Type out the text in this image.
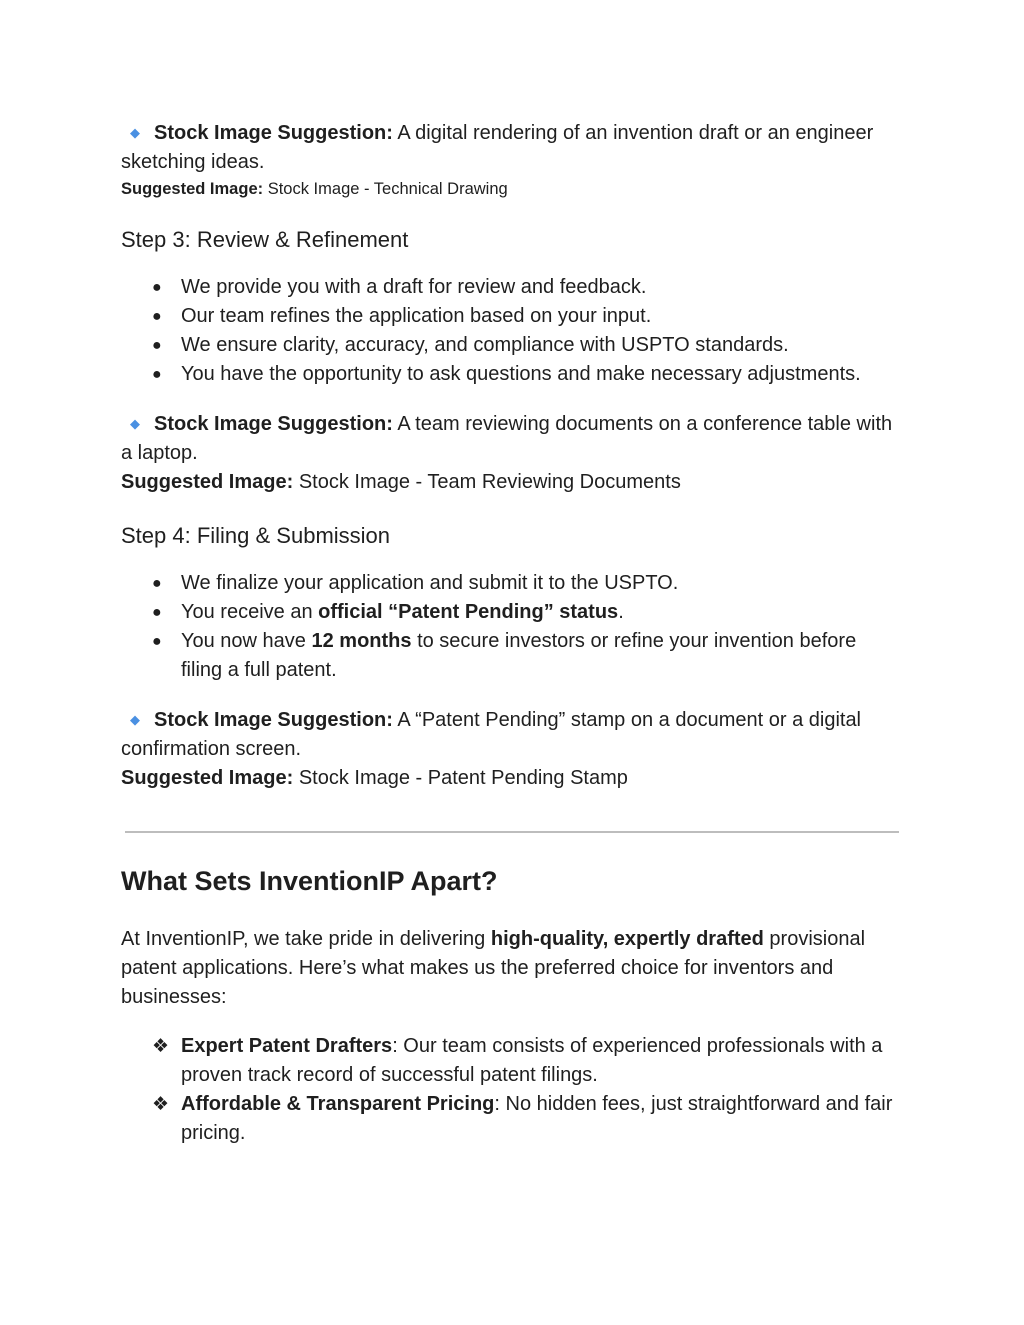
◆ Stock Image Suggestion: A digital rendering of an invention draft or an engineer sketching ideas.

Suggested Image: Stock Image - Technical Drawing

Step 3: Review & Refinement
● We provide you with a draft for review and feedback.
● Our team refines the application based on your input.
● We ensure clarity, accuracy, and compliance with USPTO standards.
● You have the opportunity to ask questions and make necessary adjustments.

◆ Stock Image Suggestion: A team reviewing documents on a conference table with a laptop.

Suggested Image: Stock Image - Team Reviewing Documents

Step 4: Filing & Submission
● We finalize your application and submit it to the USPTO.
● You receive an official “Patent Pending” status.
● You now have 12 months to secure investors or refine your invention before filing a full patent.

◆ Stock Image Suggestion: A “Patent Pending” stamp on a document or a digital confirmation screen.

Suggested Image: Stock Image - Patent Pending Stamp

What Sets InventionIP Apart?

At InventionIP, we take pride in delivering high-quality, expertly drafted provisional patent applications. Here’s what makes us the preferred choice for inventors and businesses:

❖ Expert Patent Drafters: Our team consists of experienced professionals with a proven track record of successful patent filings.
❖ Affordable & Transparent Pricing: No hidden fees, just straightforward and fair pricing.
